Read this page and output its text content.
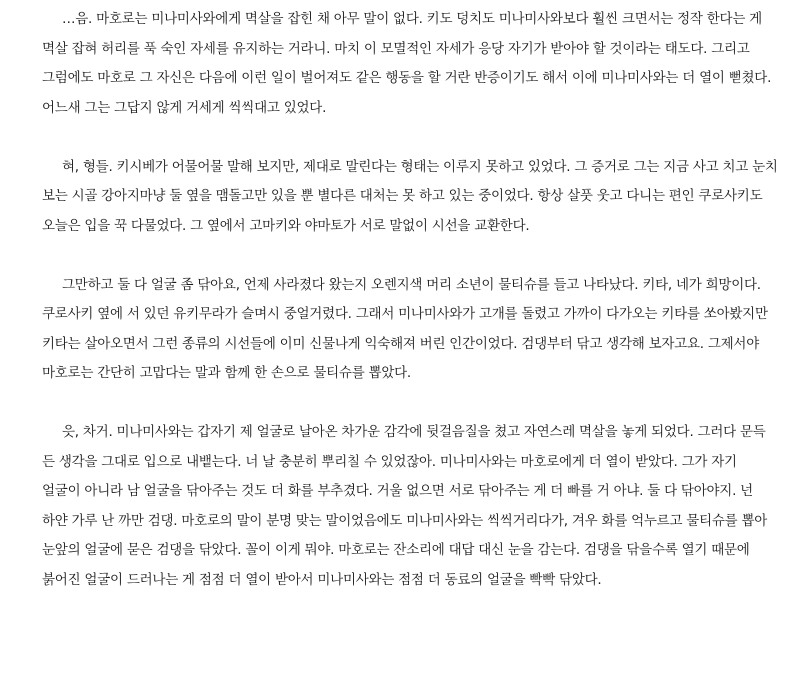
…음. 마호로는 미나미사와에게 멱살을 잡힌 채 아무 말이 없다. 키도 덩치도 미나미사와보다 훨씬 크면서는 정작 한다는 게 멱살 잡혀 허리를 푹 숙인 자세를 유지하는 거라니. 마치 이 모멸적인 자세가 응당 자기가 받아야 할 것이라는 태도다. 그리고 그럼에도 마호로 그 자신은 다음에 이런 일이 벌어져도 같은 행동을 할 거란 반증이기도 해서 이에 미나미사와는 더 열이 뻗쳤다. 어느새 그는 그답지 않게 거세게 씩씩대고 있었다.

혀, 형들. 키시베가 어물어물 말해 보지만, 제대로 말린다는 형태는 이루지 못하고 있었다. 그 증거로 그는 지금 사고 치고 눈치 보는 시골 강아지마냥 둘 옆을 맴돌고만 있을 뿐 별다른 대처는 못 하고 있는 중이었다. 항상 살풋 웃고 다니는 편인 쿠로사키도 오늘은 입을 꾹 다물었다. 그 옆에서 고마키와 야마토가 서로 말없이 시선을 교환한다.

그만하고 둘 다 얼굴 좀 닦아요, 언제 사라졌다 왔는지 오렌지색 머리 소년이 물티슈를 들고 나타났다. 키타, 네가 희망이다. 쿠로사키 옆에 서 있던 유키무라가 슬며시 중얼거렸다. 그래서 미나미사와가 고개를 돌렸고 가까이 다가오는 키타를 쏘아봤지만 키타는 살아오면서 그런 종류의 시선들에 이미 신물나게 익숙해져 버린 인간이었다. 검댕부터 닦고 생각해 보자고요. 그제서야 마호로는 간단히 고맙다는 말과 함께 한 손으로 물티슈를 뽑았다.

읏, 차거. 미나미사와는 갑자기 제 얼굴로 날아온 차가운 감각에 뒷걸음질을 쳤고 자연스레 멱살을 놓게 되었다. 그러다 문득 든 생각을 그대로 입으로 내뱉는다. 너 날 충분히 뿌리칠 수 있었잖아. 미나미사와는 마호로에게 더 열이 받았다. 그가 자기 얼굴이 아니라 남 얼굴을 닦아주는 것도 더 화를 부추겼다. 거울 없으면 서로 닦아주는 게 더 빠를 거 아냐. 둘 다 닦아야지. 넌 하얀 가루 난 까만 검댕. 마호로의 말이 분명 맞는 말이었음에도 미나미사와는 씩씩거리다가, 겨우 화를 억누르고 물티슈를 뽑아 눈앞의 얼굴에 묻은 검댕을 닦았다. 꼴이 이게 뭐야. 마호로는 잔소리에 대답 대신 눈을 감는다. 검댕을 닦을수록 열기 때문에 붉어진 얼굴이 드러나는 게 점점 더 열이 받아서 미나미사와는 점점 더 동료의 얼굴을 빡빡 닦았다.
